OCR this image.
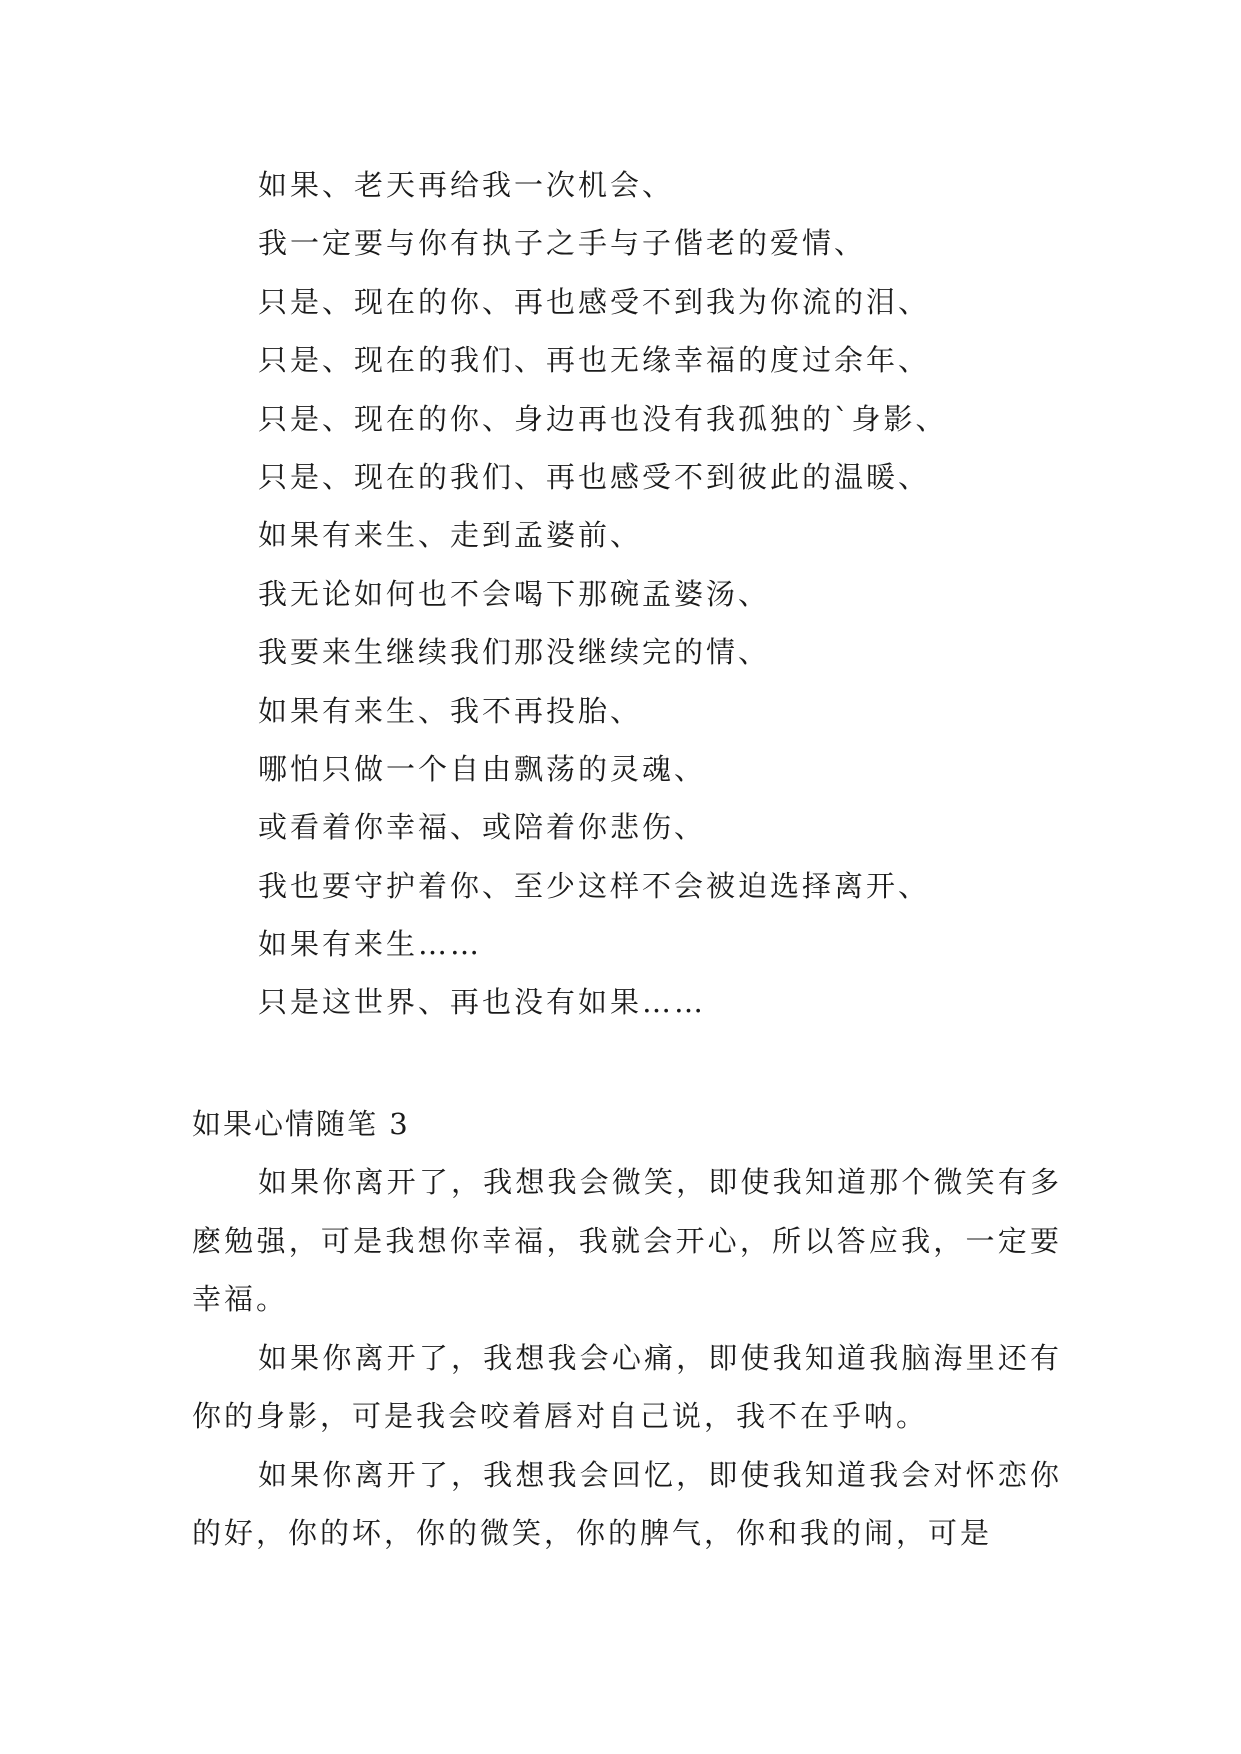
如果、老天再给我一次机会、
我一定要与你有执子之手与子偕老的爱情、
只是、现在的你、再也感受不到我为你流的泪、
只是、现在的我们、再也无缘幸福的度过余年、
只是、现在的你、身边再也没有我孤独的`身影、
只是、现在的我们、再也感受不到彼此的温暖、
如果有来生、走到孟婆前、
我无论如何也不会喝下那碗孟婆汤、
我要来生继续我们那没继续完的情、
如果有来生、我不再投胎、
哪怕只做一个自由飘荡的灵魂、
或看着你幸福、或陪着你悲伤、
我也要守护着你、至少这样不会被迫选择离开、
如果有来生……
只是这世界、再也没有如果……
如果心情随笔 3

如果你离开了，我想我会微笑，即使我知道那个微笑有多麽勉强，可是我想你幸福，我就会开心，所以答应我，一定要幸福。

如果你离开了，我想我会心痛，即使我知道我脑海里还有你的身影，可是我会咬着唇对自己说，我不在乎呐。

如果你离开了，我想我会回忆，即使我知道我会对怀恋你的好，你的坏，你的微笑，你的脾气，你和我的闹，可是
